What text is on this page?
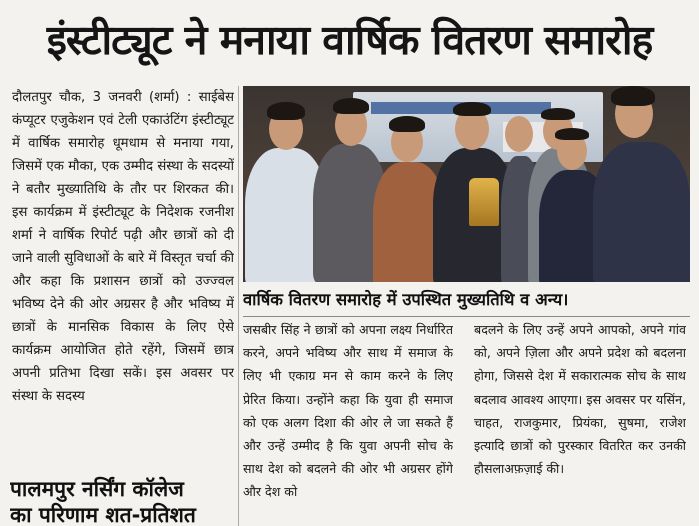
इंस्टीट्यूट ने मनाया वार्षिक वितरण समारोह

दौलतपुर चौक, 3 जनवरी (शर्मा) : साईबेस कंप्यूटर एजुकेशन एवं टेली एकाउंटिंग इंस्टीट्यूट में वार्षिक समारोह धूमधाम से मनाया गया, जिसमें एक मौका, एक उम्मीद संस्था के सदस्यों ने बतौर मुख्यातिथि के तौर पर शिरकत की। इस कार्यक्रम में इंस्टीट्यूट के निदेशक रजनीश शर्मा ने वार्षिक रिपोर्ट पढ़ी और छात्रों को दी जाने वाली सुविधाओं के बारे में विस्तृत चर्चा की और कहा कि प्रशासन छात्रों को उज्ज्वल भविष्य देने की ओर अग्रसर है और भविष्य में छात्रों के मानसिक विकास के लिए ऐसे कार्यक्रम आयोजित होते रहेंगे, जिसमें छात्र अपनी प्रतिभा दिखा सकें। इस अवसर पर संस्था के सदस्य

वार्षिक वितरण समारोह में उपस्थित मुख्यतिथि व अन्य।

जसबीर सिंह ने छात्रों को अपना लक्ष्य निर्धारित करने, अपने भविष्य और साथ में समाज के लिए भी एकाग्र मन से काम करने के लिए प्रेरित किया। उन्होंने कहा कि युवा ही समाज को एक अलग दिशा की ओर ले जा सकते हैं और उन्हें उम्मीद है कि युवा अपनी सोच के साथ देश को बदलने की ओर भी अग्रसर होंगे और देश को

बदलने के लिए उन्हें अपने आपको, अपने गांव को, अपने ज़िला और अपने प्रदेश को बदलना होगा, जिससे देश में सकारात्मक सोच के साथ बदलाव आवश्य आएगा। इस अवसर पर यसिंन, चाहत, राजकुमार, प्रियंका, सुषमा, राजेश इत्यादि छात्रों को पुरस्कार वितरित कर उनकी हौसलाअफ़ज़ाई की।

पालमपुर नर्सिंग कॉलेज
का परिणाम शत-प्रतिशत
